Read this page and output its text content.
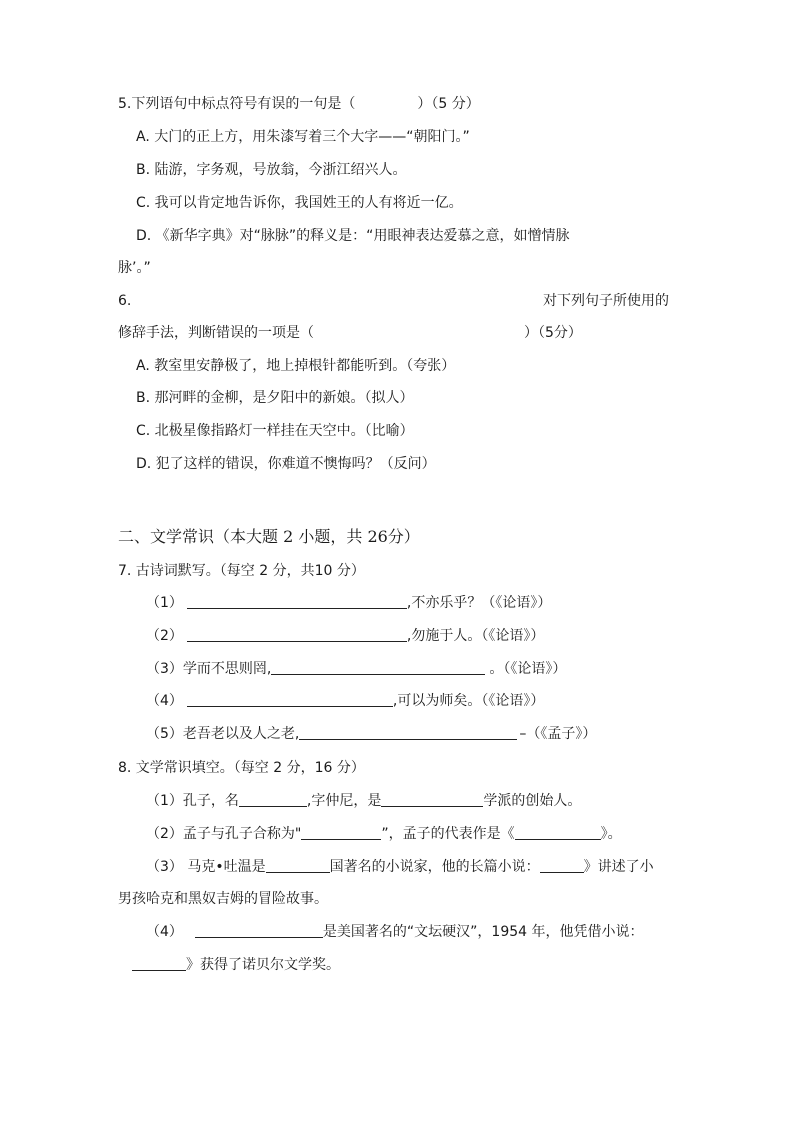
5.下列语句中标点符号有误的一句是（	）（5 分）
A. 大门的正上方，用朱漆写着三个大字——“朝阳门。”
B. 陆游，字务观，号放翁，今浙江绍兴人。
C. 我可以肯定地告诉你，我国姓王的人有将近一亿。
D. 《新华字典》对“脉脉”的释义是：“用眼神表达爱慕之意，如憎情脉
脉’。”
6.	对下列句子所使用的
修辞手法，判断错误的一项是（	）（5分）
A. 教室里安静极了，地上掉根针都能听到。（夸张）
B. 那河畔的金柳，是夕阳中的新娘。（拟人）
C. 北极星像指路灯一样挂在天空中。（比喻）
D. 犯了这样的错误，你难道不懊悔吗？（反问）
二、文学常识（本大题 2 小题，共 26分）
7. 古诗词默写。（每空 2 分，共10 分）
（1）	,不亦乐乎？（《论语》）
（2）	,勿施于人。（《论语》）
（3）学而不思则罔,	。（《论语》）
（4）	,可以为师矣。（《论语》）
（5）老吾老以及人之老,	–（《孟子》）
8. 文学常识填空。（每空 2 分，16 分）
（1）孔子，名	,字仲尼，是	学派的创始人。
（2）孟子与孔子合称为"	”，孟子的代表作是《	》。
（3） 马克•吐温是	国著名的小说家，他的长篇小说：	》讲述了小
男孩哈克和黑奴吉姆的冒险故事。
（4）	是美国著名的“文坛硬汉”，1954 年，他凭借小说：
》获得了诺贝尔文学奖。
